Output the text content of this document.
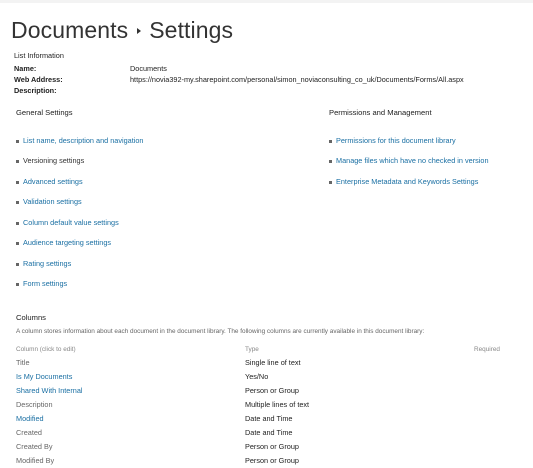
Documents Settings
List Information
Name:	Documents
Web Address:	https://novia392-my.sharepoint.com/personal/simon_noviaconsulting_co_uk/Documents/Forms/All.aspx
Description:
General Settings
List name, description and navigation
Versioning settings
Advanced settings
Validation settings
Column default value settings
Audience targeting settings
Rating settings
Form settings
Permissions and Management
Permissions for this document library
Manage files which have no checked in version
Enterprise Metadata and Keywords Settings
Columns
A column stores information about each document in the document library. The following columns are currently available in this document library:
Column (click to edit)	Type	Required
Title	Single line of text
Is My Documents	Yes/No
Shared With Internal	Person or Group
Description	Multiple lines of text
Modified	Date and Time
Created	Date and Time
Created By	Person or Group
Modified By	Person or Group
